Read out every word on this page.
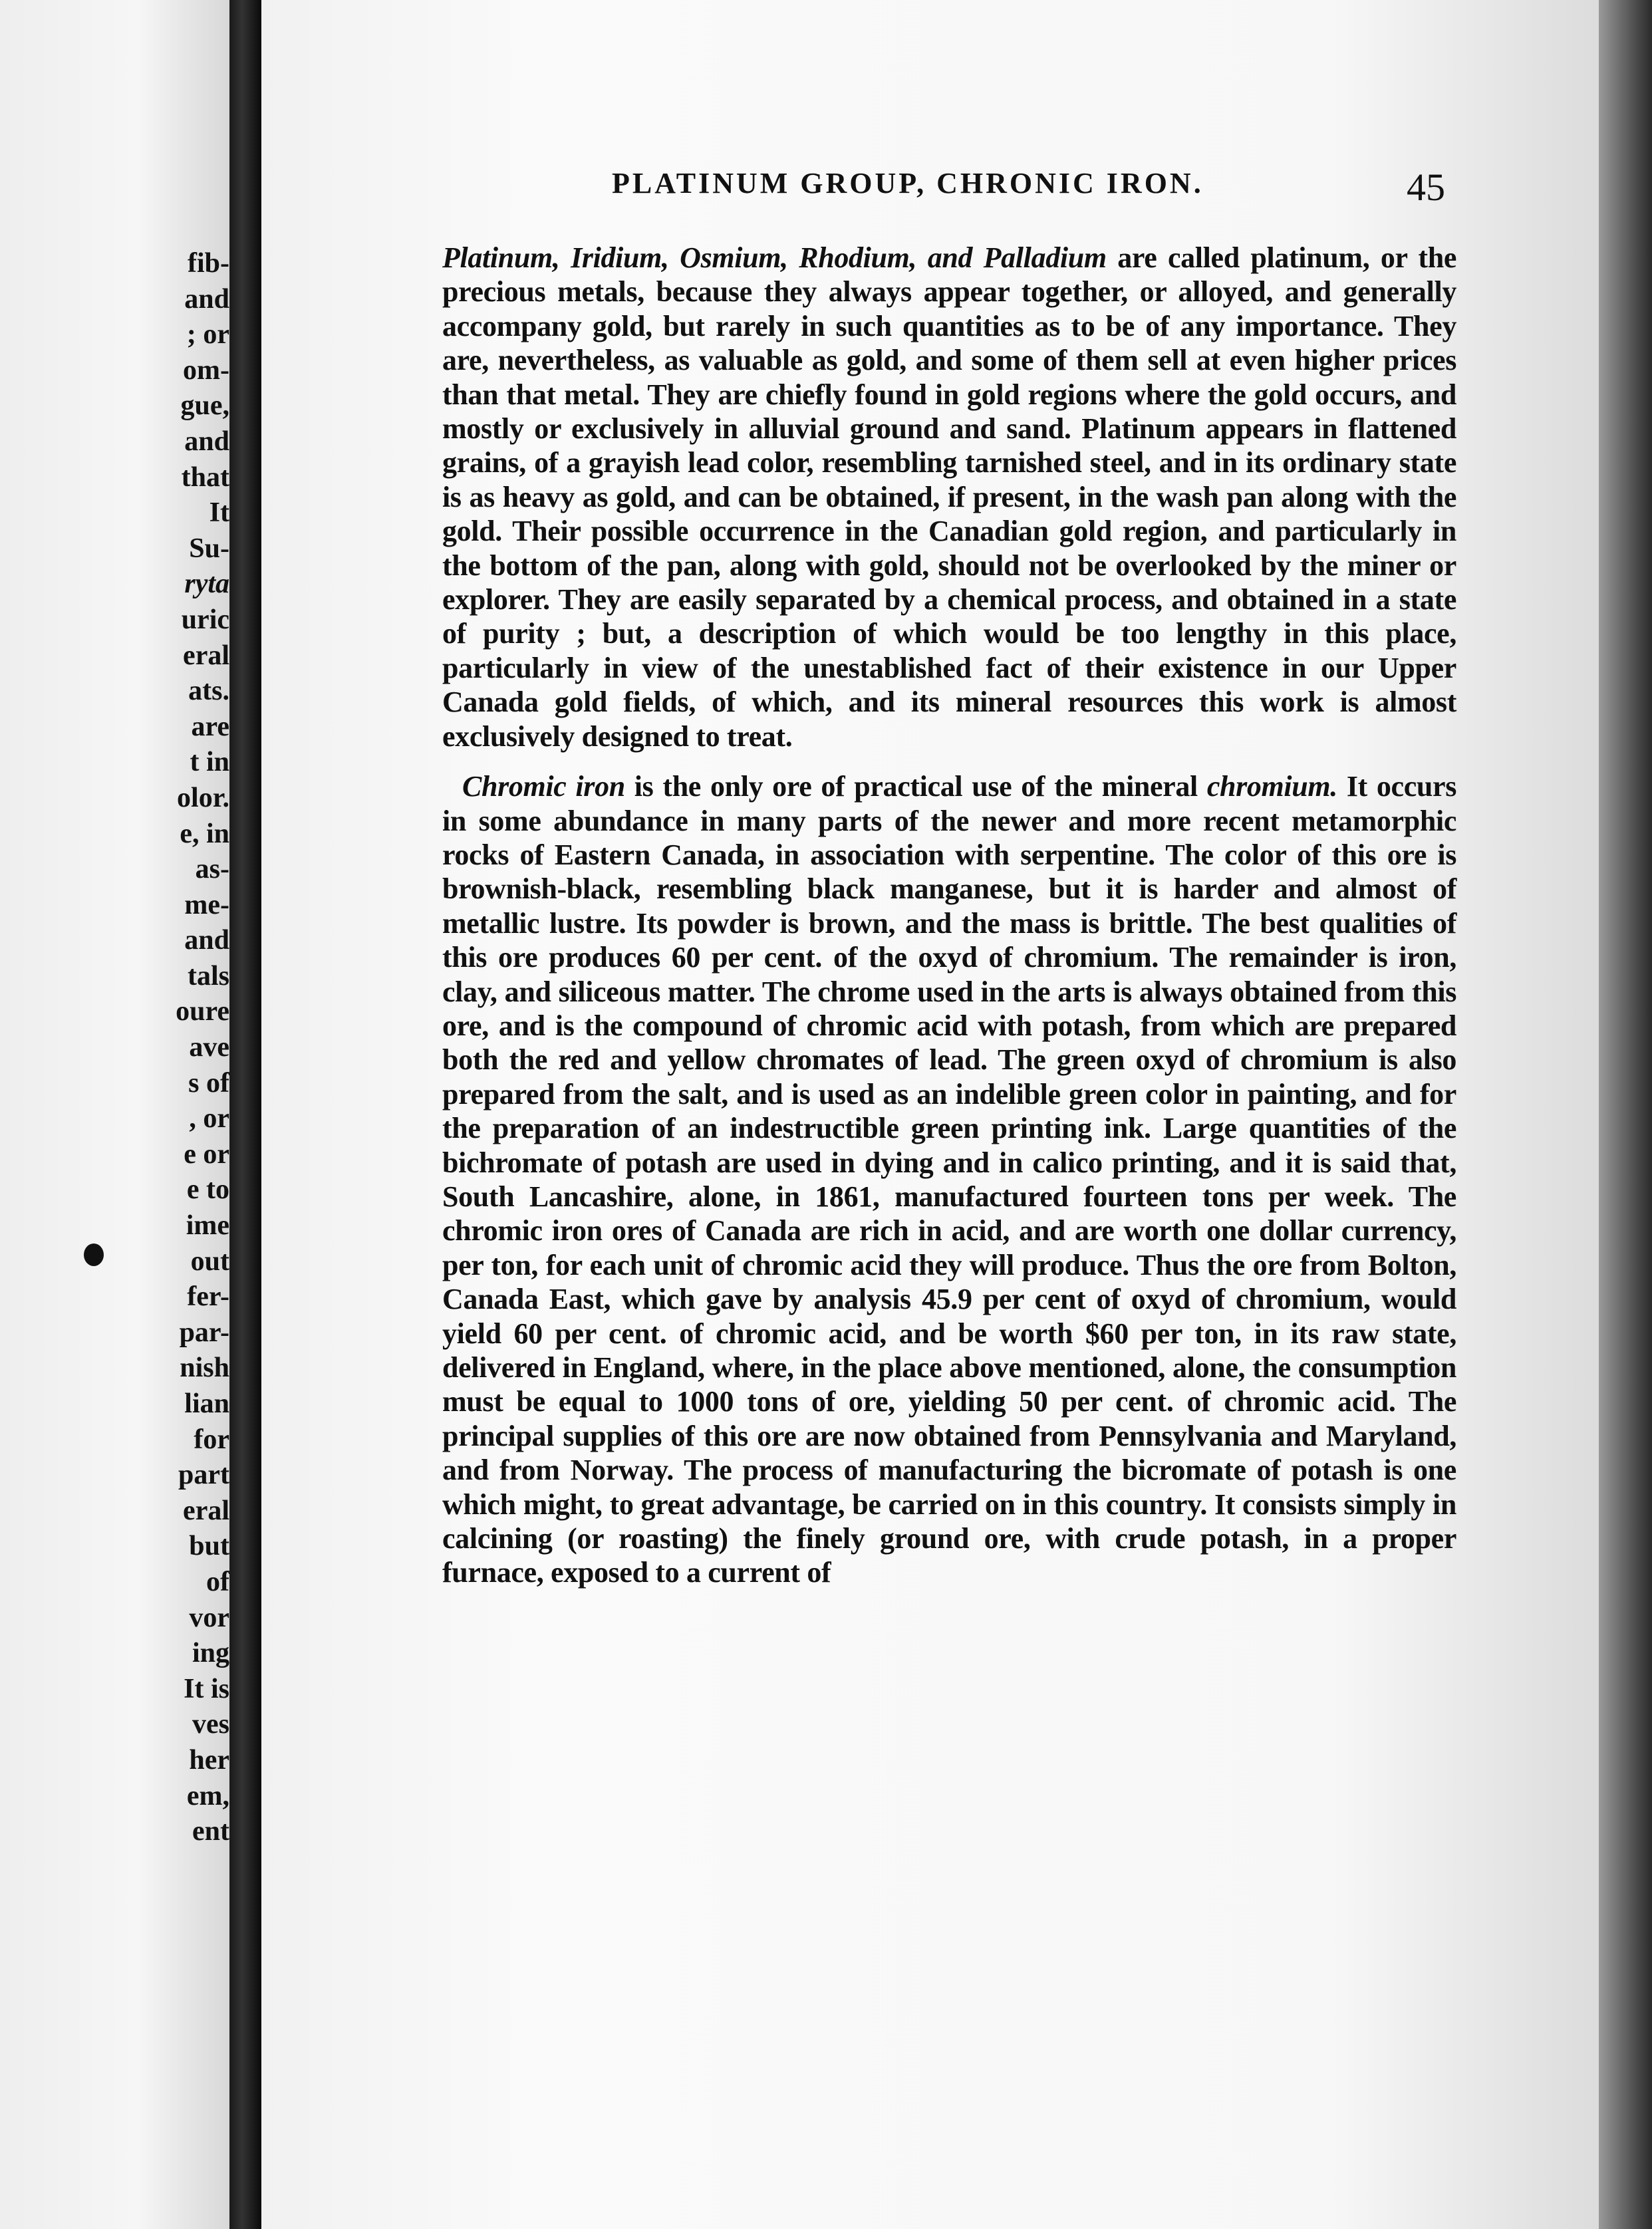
fib-
and
; or
om-
gue,
and
that
It
Su-
ryta
uric
eral
ats.
are
t in
olor.
e, in
as-
me-
and
tals
oure
ave
s of
, or
e or
e to
ime
out
fer-
par-
nish
lian
for
part
eral
but
of
vor
ing
It is
ves
her
em,
ent
PLATINUM GROUP, CHRONIC IRON.	45

Platinum, Iridium, Osmium, Rhodium, and Palladium are called platinum, or the precious metals, because they always appear together, or alloyed, and generally accompany gold, but rarely in such quantities as to be of any importance. They are, nevertheless, as valuable as gold, and some of them sell at even higher prices than that metal. They are chiefly found in gold regions where the gold occurs, and mostly or exclusively in alluvial ground and sand. Platinum appears in flattened grains, of a grayish lead color, resembling tarnished steel, and in its ordinary state is as heavy as gold, and can be obtained, if present, in the wash pan along with the gold. Their possible occurrence in the Canadian gold region, and particularly in the bottom of the pan, along with gold, should not be overlooked by the miner or explorer. They are easily separated by a chemical process, and obtained in a state of purity ; but, a description of which would be too lengthy in this place, particularly in view of the unestablished fact of their existence in our Upper Canada gold fields, of which, and its mineral resources this work is almost exclusively designed to treat.

Chromic iron is the only ore of practical use of the mineral chromium. It occurs in some abundance in many parts of the newer and more recent metamorphic rocks of Eastern Canada, in association with serpentine. The color of this ore is brownish-black, resembling black manganese, but it is harder and almost of metallic lustre. Its powder is brown, and the mass is brittle. The best qualities of this ore produces 60 per cent. of the oxyd of chromium. The remainder is iron, clay, and siliceous matter. The chrome used in the arts is always obtained from this ore, and is the compound of chromic acid with potash, from which are prepared both the red and yellow chromates of lead. The green oxyd of chromium is also prepared from the salt, and is used as an indelible green color in painting, and for the preparation of an indestructible green printing ink. Large quantities of the bichromate of potash are used in dying and in calico printing, and it is said that, South Lancashire, alone, in 1861, manufactured fourteen tons per week. The chromic iron ores of Canada are rich in acid, and are worth one dollar currency, per ton, for each unit of chromic acid they will produce. Thus the ore from Bolton, Canada East, which gave by analysis 45.9 per cent of oxyd of chromium, would yield 60 per cent. of chromic acid, and be worth $60 per ton, in its raw state, delivered in England, where, in the place above mentioned, alone, the consumption must be equal to 1000 tons of ore, yielding 50 per cent. of chromic acid. The principal supplies of this ore are now obtained from Pennsylvania and Maryland, and from Norway. The process of manufacturing the bicromate of potash is one which might, to great advantage, be carried on in this country. It consists simply in calcining (or roasting) the finely ground ore, with crude potash, in a proper furnace, exposed to a current of
